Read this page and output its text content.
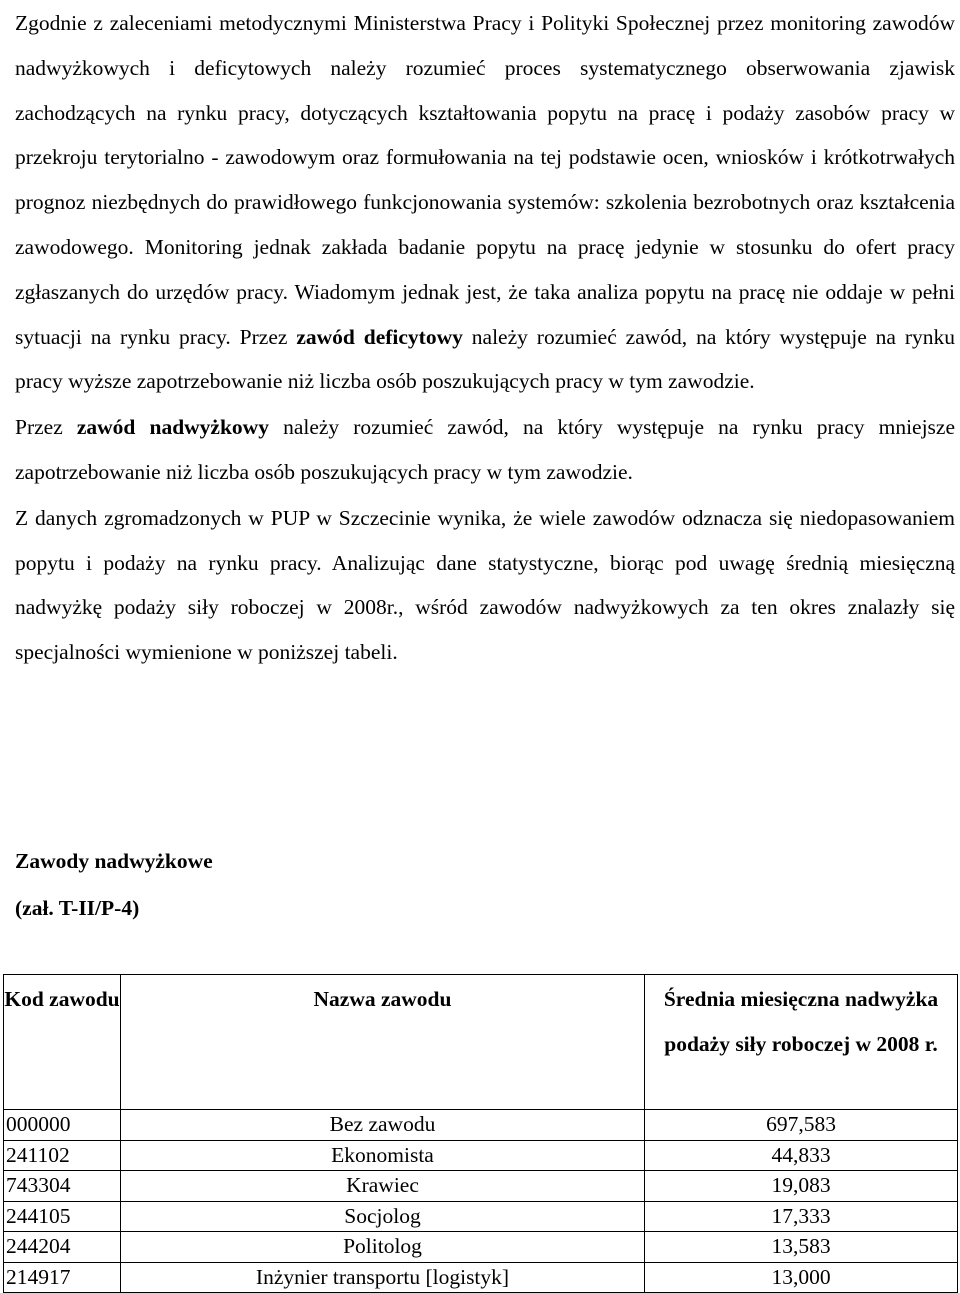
Zgodnie z zaleceniami metodycznymi Ministerstwa Pracy i Polityki Społecznej przez monitoring zawodów nadwyżkowych i deficytowych należy rozumieć proces systematycznego obserwowania zjawisk zachodzących na rynku pracy, dotyczących kształtowania popytu na pracę i podaży zasobów pracy w przekroju terytorialno - zawodowym oraz formułowania na tej podstawie ocen, wniosków i krótkotrwałych prognoz niezbędnych do prawidłowego funkcjonowania systemów: szkolenia bezrobotnych oraz kształcenia zawodowego. Monitoring jednak zakłada badanie popytu na pracę jedynie w stosunku do ofert pracy zgłaszanych do urzędów pracy. Wiadomym jednak jest, że taka analiza popytu na pracę nie oddaje w pełni sytuacji na rynku pracy. Przez zawód deficytowy należy rozumieć zawód, na który występuje na rynku pracy wyższe zapotrzebowanie niż liczba osób poszukujących pracy w tym zawodzie.

Przez zawód nadwyżkowy należy rozumieć zawód, na który występuje na rynku pracy mniejsze zapotrzebowanie niż liczba osób poszukujących pracy w tym zawodzie.

Z danych zgromadzonych w PUP w Szczecinie wynika, że wiele zawodów odznacza się niedopasowaniem popytu i podaży na rynku pracy. Analizując dane statystyczne, biorąc pod uwagę średnią miesięczną nadwyżkę podaży siły roboczej w 2008r., wśród zawodów nadwyżkowych za ten okres znalazły się specjalności wymienione w poniższej tabeli.

Zawody nadwyżkowe
(zał. T-II/P-4)
Kod zawodu	Nazwa zawodu	Średnia miesięczna nadwyżka podaży siły roboczej w 2008 r.
000000	Bez zawodu	697,583
241102	Ekonomista	44,833
743304	Krawiec	19,083
244105	Socjolog	17,333
244204	Politolog	13,583
214917	Inżynier transportu [logistyk]	13,000
